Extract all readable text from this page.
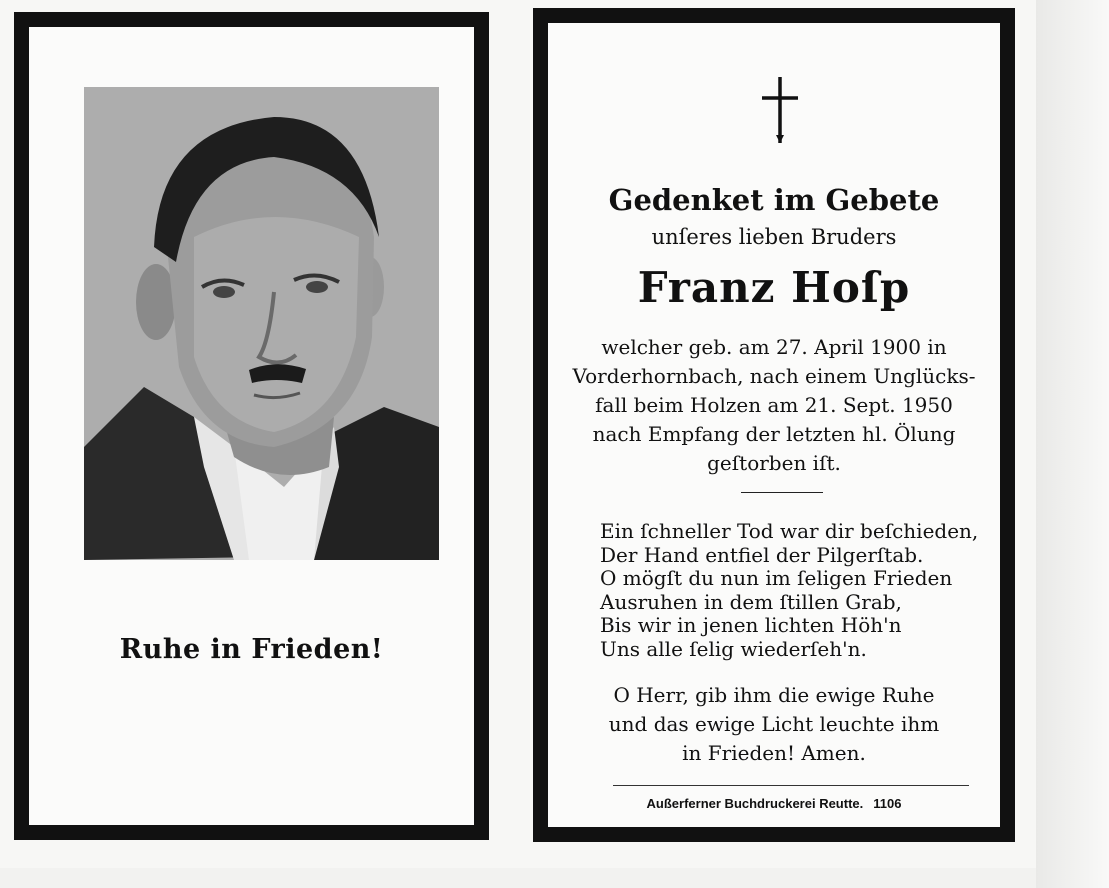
Ruhe in Frieden!
Gedenket im Gebete
unſeres lieben Bruders
Franz Hoſp
welcher geb. am 27. April 1900 in
Vorderhornbach, nach einem Unglücks-
fall beim Holzen am 21. Sept. 1950
nach Empfang der letzten hl. Ölung
geſtorben iſt.
Ein ſchneller Tod war dir beſchieden,
Der Hand entfiel der Pilgerſtab.
O mögſt du nun im ſeligen Frieden
Ausruhen in dem ſtillen Grab,
Bis wir in jenen lichten Höh'n
Uns alle ſelig wiederſeh'n.
O Herr, gib ihm die ewige Ruhe
und das ewige Licht leuchte ihm
in Frieden! Amen.
Außerferner Buchdruckerei Reutte. 1106
